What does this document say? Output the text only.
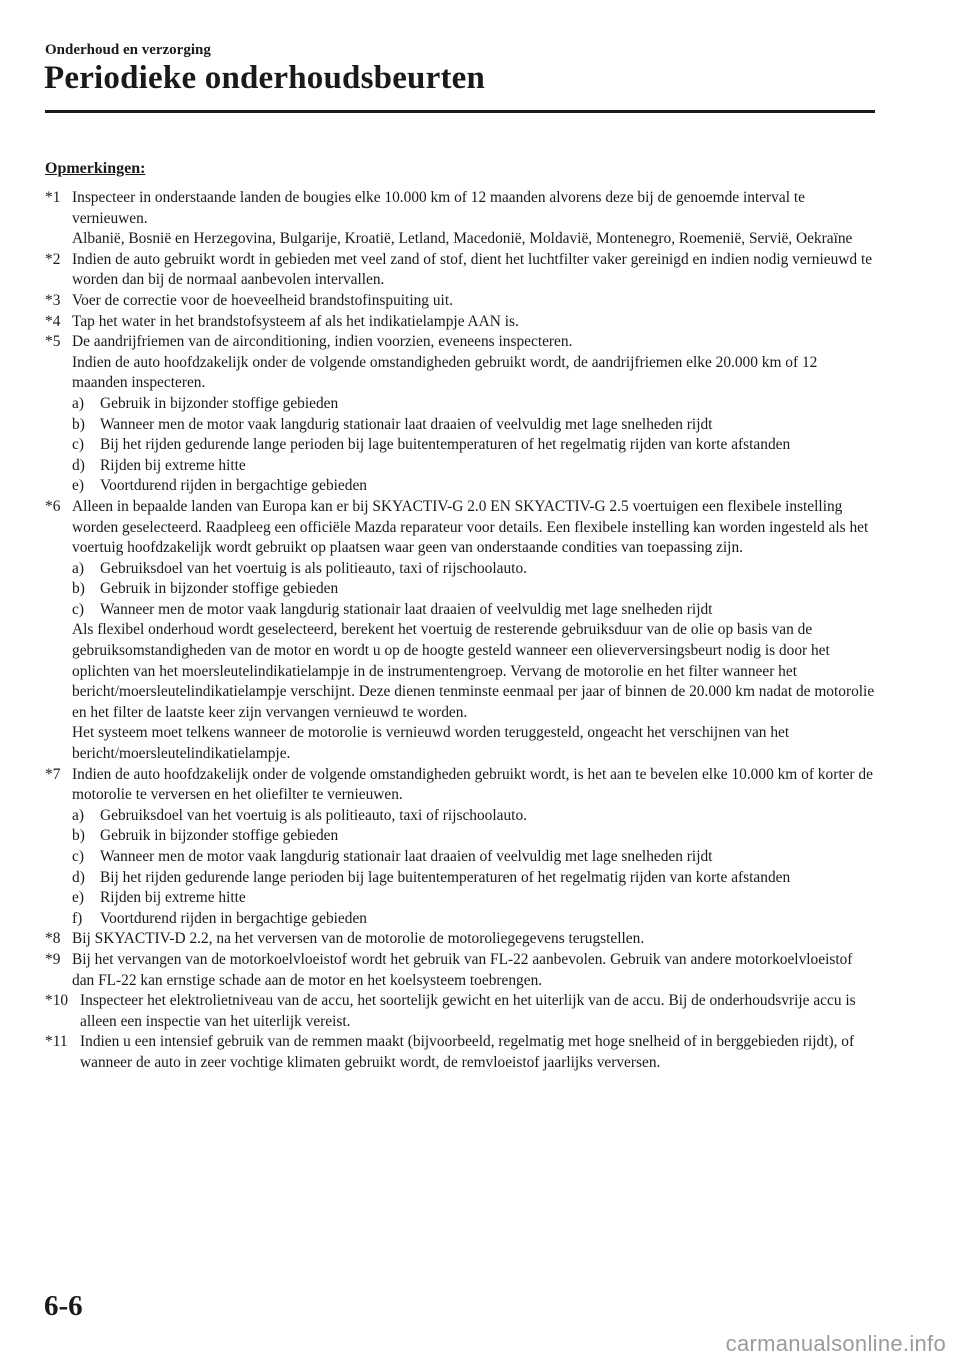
Onderhoud en verzorging
Periodieke onderhoudsbeurten
Opmerkingen:
*1 Inspecteer in onderstaande landen de bougies elke 10.000 km of 12 maanden alvorens deze bij de genoemde interval te vernieuwen.
Albanië, Bosnië en Herzegovina, Bulgarije, Kroatië, Letland, Macedonië, Moldavië, Montenegro, Roemenië, Servië, Oekraïne
*2 Indien de auto gebruikt wordt in gebieden met veel zand of stof, dient het luchtfilter vaker gereinigd en indien nodig vernieuwd te worden dan bij de normaal aanbevolen intervallen.
*3 Voer de correctie voor de hoeveelheid brandstofinspuiting uit.
*4 Tap het water in het brandstofsysteem af als het indikatielampje AAN is.
*5 De aandrijfriemen van de airconditioning, indien voorzien, eveneens inspecteren.
Indien de auto hoofdzakelijk onder de volgende omstandigheden gebruikt wordt, de aandrijfriemen elke 20.000 km of 12 maanden inspecteren.
a) Gebruik in bijzonder stoffige gebieden
b) Wanneer men de motor vaak langdurig stationair laat draaien of veelvuldig met lage snelheden rijdt
c) Bij het rijden gedurende lange perioden bij lage buitentemperaturen of het regelmatig rijden van korte afstanden
d) Rijden bij extreme hitte
e) Voortdurend rijden in bergachtige gebieden
*6 Alleen in bepaalde landen van Europa kan er bij SKYACTIV-G 2.0 EN SKYACTIV-G 2.5 voertuigen een flexibele instelling worden geselecteerd. Raadpleeg een officiële Mazda reparateur voor details. Een flexibele instelling kan worden ingesteld als het voertuig hoofdzakelijk wordt gebruikt op plaatsen waar geen van onderstaande condities van toepassing zijn.
a) Gebruiksdoel van het voertuig is als politieauto, taxi of rijschoolauto.
b) Gebruik in bijzonder stoffige gebieden
c) Wanneer men de motor vaak langdurig stationair laat draaien of veelvuldig met lage snelheden rijdt
Als flexibel onderhoud wordt geselecteerd, berekent het voertuig de resterende gebruiksduur van de olie op basis van de gebruiksomstandigheden van de motor en wordt u op de hoogte gesteld wanneer een olieverversingsbeurt nodig is door het oplichten van het moersleutelindikatielampje in de instrumentengroep. Vervang de motorolie en het filter wanneer het bericht/moersleutelindikatielampje verschijnt. Deze dienen tenminste eenmaal per jaar of binnen de 20.000 km nadat de motorolie en het filter de laatste keer zijn vervangen vernieuwd te worden.
Het systeem moet telkens wanneer de motorolie is vernieuwd worden teruggesteld, ongeacht het verschijnen van het bericht/moersleutelindikatielampje.
*7 Indien de auto hoofdzakelijk onder de volgende omstandigheden gebruikt wordt, is het aan te bevelen elke 10.000 km of korter de motorolie te verversen en het oliefilter te vernieuwen.
a) Gebruiksdoel van het voertuig is als politieauto, taxi of rijschoolauto.
b) Gebruik in bijzonder stoffige gebieden
c) Wanneer men de motor vaak langdurig stationair laat draaien of veelvuldig met lage snelheden rijdt
d) Bij het rijden gedurende lange perioden bij lage buitentemperaturen of het regelmatig rijden van korte afstanden
e) Rijden bij extreme hitte
f) Voortdurend rijden in bergachtige gebieden
*8 Bij SKYACTIV-D 2.2, na het verversen van de motorolie de motoroliegegevens terugstellen.
*9 Bij het vervangen van de motorkoelvloeistof wordt het gebruik van FL-22 aanbevolen. Gebruik van andere motorkoelvloeistof dan FL-22 kan ernstige schade aan de motor en het koelsysteem toebrengen.
*10 Inspecteer het elektrolietniveau van de accu, het soortelijk gewicht en het uiterlijk van de accu. Bij de onderhoudsvrije accu is alleen een inspectie van het uiterlijk vereist.
*11 Indien u een intensief gebruik van de remmen maakt (bijvoorbeeld, regelmatig met hoge snelheid of in berggebieden rijdt), of wanneer de auto in zeer vochtige klimaten gebruikt wordt, de remvloeistof jaarlijks verversen.
6-6
carmanualsonline.info
